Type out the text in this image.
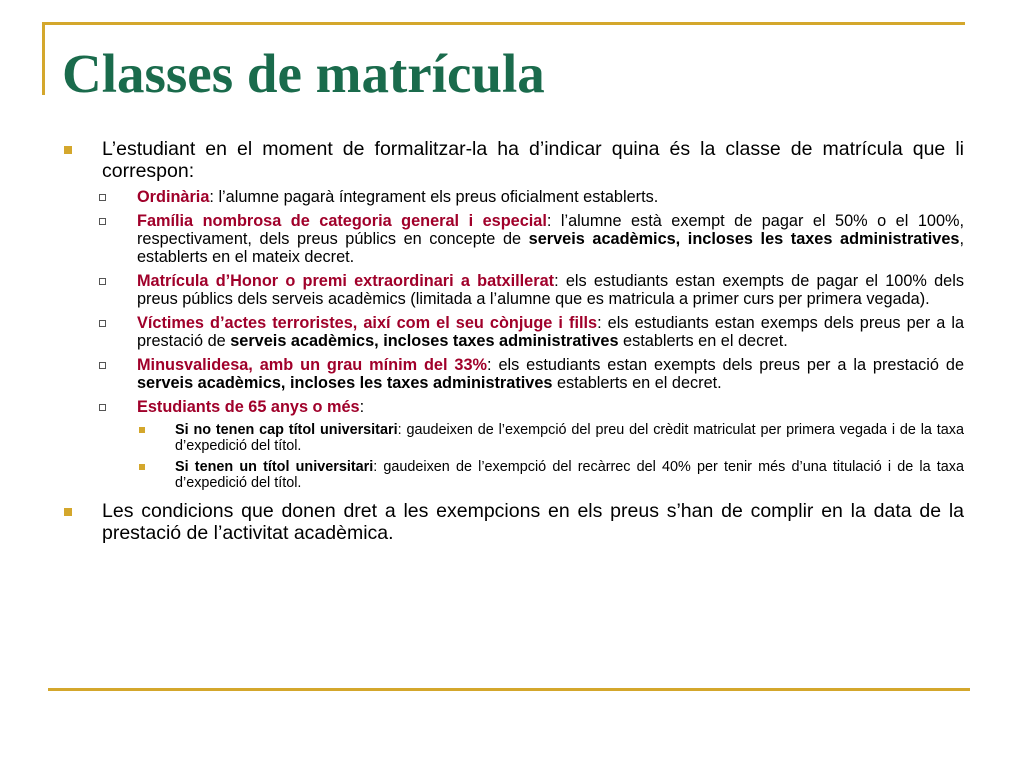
Classes de matrícula
L’estudiant en el moment de formalitzar-la ha d’indicar quina és la classe de matrícula que li correspon:
Ordinària: l’alumne pagarà íntegrament els preus oficialment establerts.
Família nombrosa de categoria general i especial: l’alumne està exempt de pagar el 50% o el 100%, respectivament, dels preus públics en concepte de serveis acadèmics, incloses les taxes administratives, establerts en el mateix decret.
Matrícula d’Honor o premi extraordinari a batxillerat: els estudiants estan exempts de pagar el 100% dels preus públics dels serveis acadèmics (limitada a l’alumne que es matricula a primer curs per primera vegada).
Víctimes d’actes terroristes, així com el seu cònjuge i fills: els estudiants estan exemps dels preus per a la prestació de serveis acadèmics, incloses taxes administratives establerts en el decret.
Minusvalidesa, amb un grau mínim del 33%: els estudiants estan exempts dels preus per a la prestació de serveis acadèmics, incloses les taxes administratives establerts en el decret.
Estudiants de 65 anys o més:
Si no tenen cap títol universitari: gaudeixen de l’exempció del preu del crèdit matriculat per primera vegada i de la taxa d’expedició del títol.
Si tenen un títol universitari: gaudeixen de l’exempció del recàrrec del 40% per tenir més d’una titulació i de la taxa d’expedició del títol.
Les condicions que donen dret a les exempcions en els preus s’han de complir en la data de la prestació de l’activitat acadèmica.
